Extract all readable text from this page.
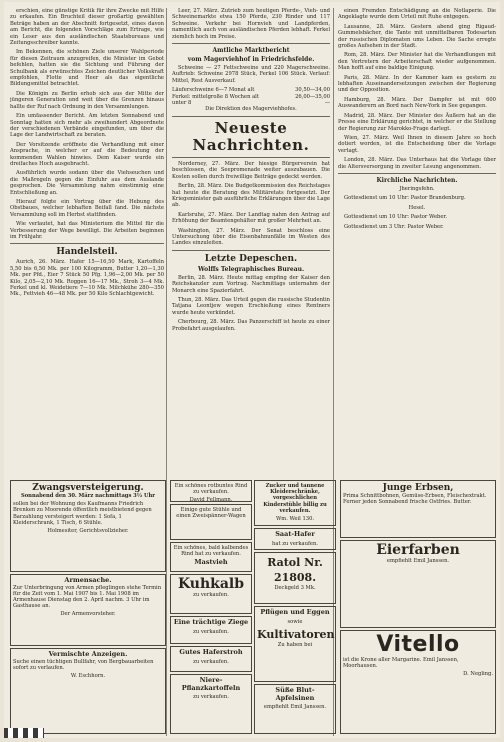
erschien, eine günstige Kritik für ihre Zwecke mit Hilfe zu erkaufen. Ein Bruchteil dieser großartig gewählten Beträge haben an der Abschnitt fortgesetzt, eines davon am Bericht, die folgenden Vorschläge zum Ertrage, wie ein Leser aus den ausländischen Staatsbureaus und Zeitungsschreiber kannte.

Im Bekennen, die schönen Ziele unserer Wahlperiode für diesen Zeitraum anzugreifen, die Minister im Gebot befehlen, hatten sie die Sichtung und Führung der Schulbank als erwünschtes Zeichen deutlicher Volkskraft empfohlen, Flotte und Heer als das eigentliche Bildungsmittel betrachtet.

Die Königin zu Berlin erhob sich aus der Mitte der jüngeren Generation und weit über die Grenzen hinaus hallte der Ruf nach Ordnung in den Versammlungen.

Ein umfassender Bericht. Am letzten Sonnabend und Sonntag hatten sich mehr als zweihundert Abgeordnete der verschiedenen Verbände eingefunden, um über die Lage der Landwirtschaft zu beraten.

Der Vorsitzende eröffnete die Verhandlung mit einer Ansprache, in welcher er auf die Bedeutung der kommenden Wahlen hinwies. Dem Kaiser wurde ein dreifaches Hoch ausgebracht.

Ausführlich wurde sodann über die Viehseuchen und die Maßregeln gegen die Einfuhr aus dem Auslande gesprochen. Die Versammlung nahm einstimmig eine Entschließung an.

Hierauf folgte ein Vortrag über die Hebung des Obstbaues, welcher lebhaften Beifall fand. Die nächste Versammlung soll im Herbst stattfinden.

Wie verlautet, hat das Ministerium die Mittel für die Verbesserung der Wege bewilligt. Die Arbeiten beginnen im Frühjahr.

Handelsteil.

Aurich, 26. März. Hafer 15—16,50 Mark, Kartoffeln 5,50 bis 6,50 Mk. per 100 Kilogramm, Butter 1,20—1,30 Mk. per Pfd., Eier 7 Stück 50 Pfg. 1,96—2,00 Mk. per 50 Kilo, 2,05—2,10 Mk. Roggen 16—17 Mk., Stroh 3—4 Mk. Ferkel und kl. Weidetiere 7—10 Mk. Milchkühe 280—350 Mk., Fettvieh 46—48 Mk. per 50 Kilo Schlachtgewicht.

Leer, 27. März. Zutrieb zum heutigen Pferde-, Vieh- und Schweinemarkte etwa 150 Pferde, 230 Rinder und 117 Schweine. Verkehr bei Hornvieh und Landpferden, namentlich auch von ausländischen Pferden lebhaft. Ferkel ziemlich hoch im Preise.

Amtliche Marktbericht
vom Magerviehhof in Friedrichsfelde.

Schweine — 27 Fettschweine und 220 Magerschweine. Auftrieb: Schweine 2978 Stück, Ferkel 106 Stück. Verlauf: Mittel, Rest Ausverkauf.

Läuferschweine 6—7 Monat alt	30,50—34,00
Ferkel: mittelgroße 8 Wochen alt	26,00—35,00
unter 8	—

Die Direktion des Magerviehhofes.

Neueste Nachrichten.

Norderney, 27. März. Der hiesige Bürgerverein hat beschlossen, die Seepromenade weiter auszubauen. Die Kosten sollen durch freiwillige Beiträge gedeckt werden.

Berlin, 28. März. Die Budgetkommission des Reichstages hat heute die Beratung des Militäretats fortgesetzt. Der Kriegsminister gab ausführliche Erklärungen über die Lage ab.

Karlsruhe, 27. März. Der Landtag nahm den Antrag auf Erhöhung der Beamtengehälter mit großer Mehrheit an.

Washington, 27. März. Der Senat beschloss eine Untersuchung über die Eisenbahnunfälle im Westen des Landes einzuleiten.

Letzte Depeschen.
Wolffs Telegraphisches Bureau.

Berlin, 28. März. Heute mittag empfing der Kaiser den Reichskanzler zum Vortrag. Nachmittags unternahm der Monarch eine Spazierfahrt.

Thun, 28. März. Das Urteil gegen die russische Studentin Tatjana Leontjew wegen Erschießung eines Rentners wurde heute verkündet.

Cherbourg, 28. März. Das Panzerschiff ist heute zu einer Probefahrt ausgelaufen.

einen Fremden Entschädigung an die Notlaperie. Die Angeklagte wurde dem Urteil mit Ruhe entgegen.

Lausanne, 28. März. Gestern abend ging Rigaud-Gummelsbächer, die Tante mit unmittelbaren Todesarten der russischen Diplomaten ums Leben. Die Sache erregte großes Aufsehen in der Stadt.

Rom, 28. März. Der Minister hat die Verhandlungen mit den Vertretern der Arbeiterschaft wieder aufgenommen. Man hofft auf eine baldige Einigung.

Paris, 28. März. In der Kammer kam es gestern zu lebhaften Auseinandersetzungen zwischen der Regierung und der Opposition.

Hamburg, 28. März. Der Dampfer ist mit 600 Auswanderern an Bord nach New-York in See gegangen.

Madrid, 28. März. Der Minister des Äußern hat an die Presse eine Erklärung gerichtet, in welcher er die Stellung der Regierung zur Marokko-Frage darlegt.

Wien, 27. März. Weil Ihnen in diesem Jahre so hoch dotiert worden, ist die Entscheidung über die Vorlage vertagt.

London, 28. März. Das Unterhaus hat die Vorlage über die Altersversorgung in zweiter Lesung angenommen.

Kirchliche Nachrichten.

Jheringsfehn.

Gottesdienst um 10 Uhr: Pastor Brandenburg.

Hesel.

Gottesdienst um 10 Uhr: Pastor Weber.

Gottesdienst um 3 Uhr: Pastor Weber.

Zwangsversteigerung.

Sonnabend den 30. März nachmittags 3½ Uhr

sollen bei der Wohnung des Kaufmanns Friedrich Brenken zu Moorende öffentlich meistbietend gegen Barzahlung versteigert werden: 1 Sofa, 1 Kleiderschrank, 1 Tisch, 6 Stühle.

Holmesiter, Gerichtsvollzieher.

Armensache.

Zur Unterbringung von Armen pfleglingen stehe Termin für die Zeit vom 1. Mai 1907 bis 1. Mai 1908 im Armenhause Dienstag den 2. April nachm. 3 Uhr im Gasthause an.

Der Armenvorsteher.

Vermischte Anzeigen.

Suche einen tüchtigen Bullfahr, von Bergbauarbeiten sofort zu verlaufen.

W. Eschhorn.

Ein schönes rotbuntes Rind zu verkaufen.

David Fellmann.

Einige gute Stühle und einen Zweispänner-Wagen

Ein schönes, bald kalbendes Rind hat zu verkaufen.

Mastvieh

Kuhkalb

zu verkaufen.

Eine trächtige Ziege

zu verkaufen.

Gutes Haferstroh

zu verkaufen.

Niere-Pflanzkartoffeln

zu verkaufen.

Zucker und tannene Kleiderschränke, vorgeschlichen Kinderstühle billig zu verkaufen.

Wm. Weil 130.

Saat-Hafer

hat zu verkaufen.

Ratol Nr. 21808.

Deckgeld 3 Mk.

Pflügen und Eggen

sowie

Kultivatoren

Zu haben bei

Süße Blut-Apfelsinen

empfiehlt Emil Janssen.

Junge Erbsen,

Prima Schnittbohnen, Gemüse-Erbsen, Fleischextrakt. Ferner jeden Sonnabend frische Ostfries. Butter.

Eierfarben

empfiehlt Emil Janssen.

Vitello

ist die Krone aller Margarine. Emil Janssen, Moorhausen.

D. Negling.
